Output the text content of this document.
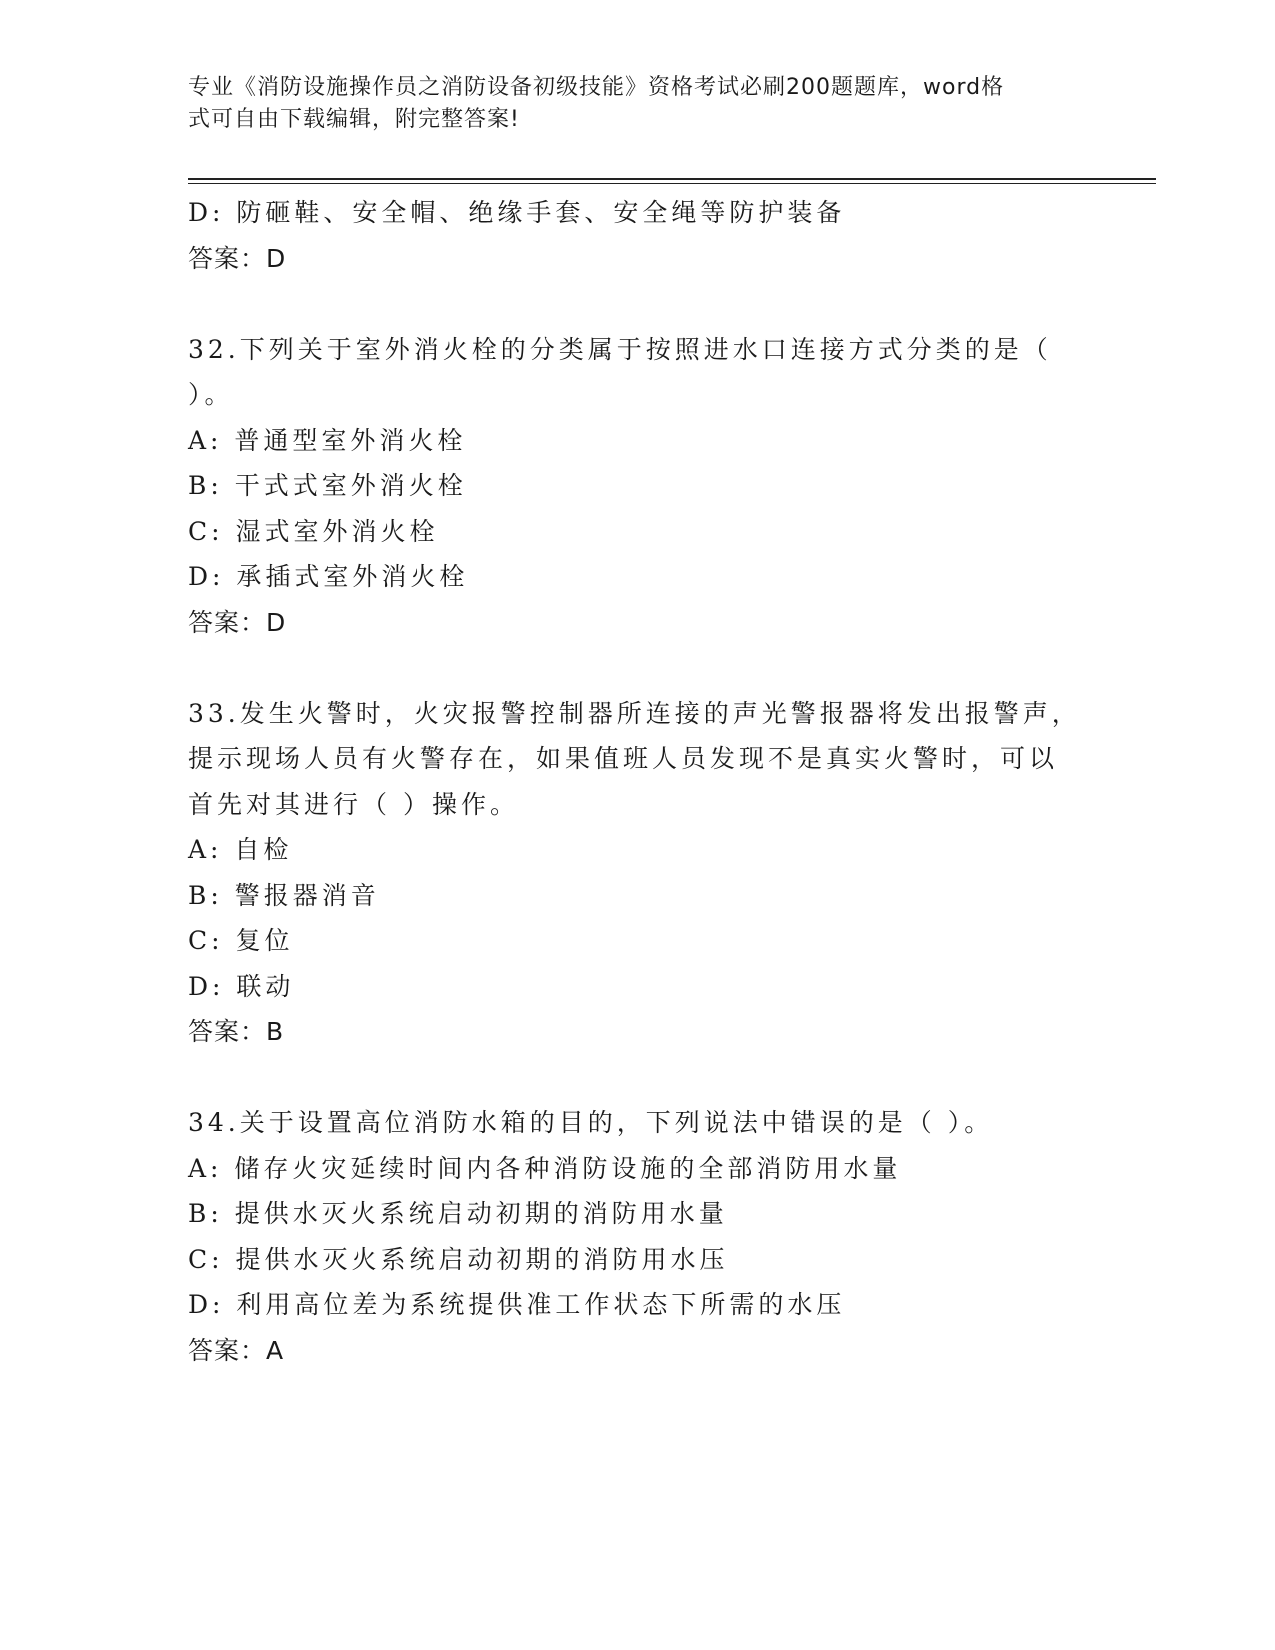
专业《消防设施操作员之消防设备初级技能》资格考试必刷200题题库，word格
式可自由下载编辑，附完整答案!
D: 防砸鞋、安全帽、绝缘手套、安全绳等防护装备
答案：D
32.下列关于室外消火栓的分类属于按照进水口连接方式分类的是（
）。
A: 普通型室外消火栓
B: 干式式室外消火栓
C: 湿式室外消火栓
D: 承插式室外消火栓
答案：D
33.发生火警时，火灾报警控制器所连接的声光警报器将发出报警声，
提示现场人员有火警存在，如果值班人员发现不是真实火警时，可以
首先对其进行（ ）操作。
A: 自检
B: 警报器消音
C: 复位
D: 联动
答案：B
34.关于设置高位消防水箱的目的，下列说法中错误的是（ ）。
A: 储存火灾延续时间内各种消防设施的全部消防用水量
B: 提供水灭火系统启动初期的消防用水量
C: 提供水灭火系统启动初期的消防用水压
D: 利用高位差为系统提供准工作状态下所需的水压
答案：A
